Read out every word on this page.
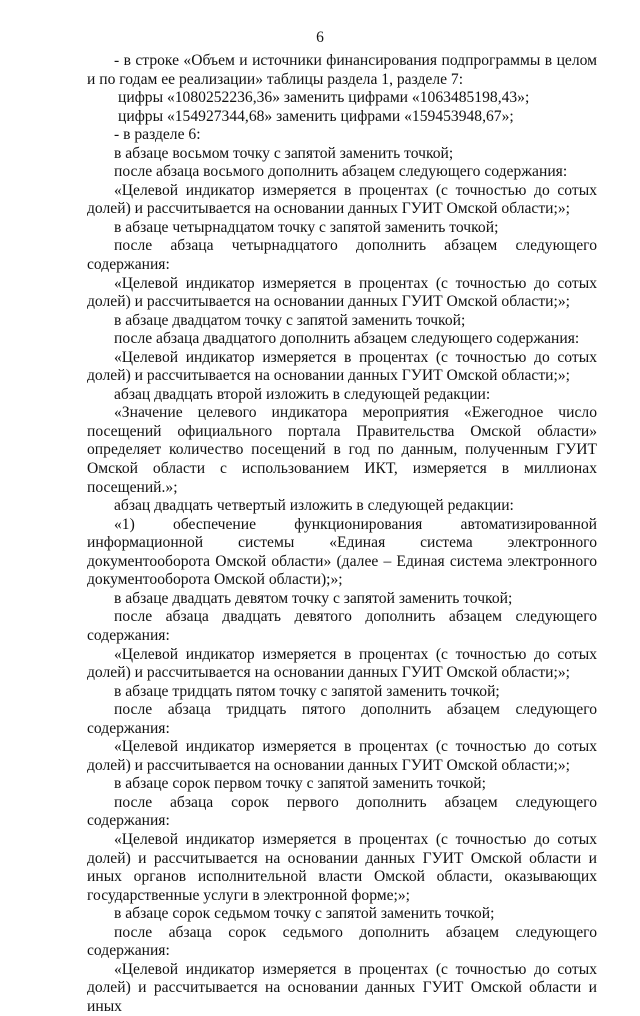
6

- в строке «Объем и источники финансирования подпрограммы в целом и по годам ее реализации» таблицы раздела 1, разделе 7:

цифры «1080252236,36» заменить цифрами «1063485198,43»;

цифры «154927344,68» заменить цифрами «159453948,67»;

- в разделе 6:

в абзаце восьмом точку с запятой заменить точкой;

после абзаца восьмого дополнить абзацем следующего содержания:

«Целевой индикатор измеряется в процентах (с точностью до сотых долей) и рассчитывается на основании данных ГУИТ Омской области;»;

в абзаце четырнадцатом точку с запятой заменить точкой;

после абзаца четырнадцатого дополнить абзацем следующего содержания:

«Целевой индикатор измеряется в процентах (с точностью до сотых долей) и рассчитывается на основании данных ГУИТ Омской области;»;

в абзаце двадцатом точку с запятой заменить точкой;

после абзаца двадцатого дополнить абзацем следующего содержания:

«Целевой индикатор измеряется в процентах (с точностью до сотых долей) и рассчитывается на основании данных ГУИТ Омской области;»;

абзац двадцать второй изложить в следующей редакции:

«Значение целевого индикатора мероприятия «Ежегодное число посещений официального портала Правительства Омской области» определяет количество посещений в год по данным, полученным ГУИТ Омской области с использованием ИКТ, измеряется в миллионах посещений.»;

абзац двадцать четвертый изложить в следующей редакции:

«1) обеспечение функционирования автоматизированной информационной системы «Единая система электронного документооборота Омской области» (далее – Единая система электронного документооборота Омской области);»;

в абзаце двадцать девятом точку с запятой заменить точкой;

после абзаца двадцать девятого дополнить абзацем следующего содержания:

«Целевой индикатор измеряется в процентах (с точностью до сотых долей) и рассчитывается на основании данных ГУИТ Омской области;»;

в абзаце тридцать пятом точку с запятой заменить точкой;

после абзаца тридцать пятого дополнить абзацем следующего содержания:

«Целевой индикатор измеряется в процентах (с точностью до сотых долей) и рассчитывается на основании данных ГУИТ Омской области;»;

в абзаце сорок первом точку с запятой заменить точкой;

после абзаца сорок первого дополнить абзацем следующего содержания:

«Целевой индикатор измеряется в процентах (с точностью до сотых долей) и рассчитывается на основании данных ГУИТ Омской области и иных органов исполнительной власти Омской области, оказывающих государственные услуги в электронной форме;»;

в абзаце сорок седьмом точку с запятой заменить точкой;

после абзаца сорок седьмого дополнить абзацем следующего содержания:

«Целевой индикатор измеряется в процентах (с точностью до сотых долей) и рассчитывается на основании данных ГУИТ Омской области и иных
